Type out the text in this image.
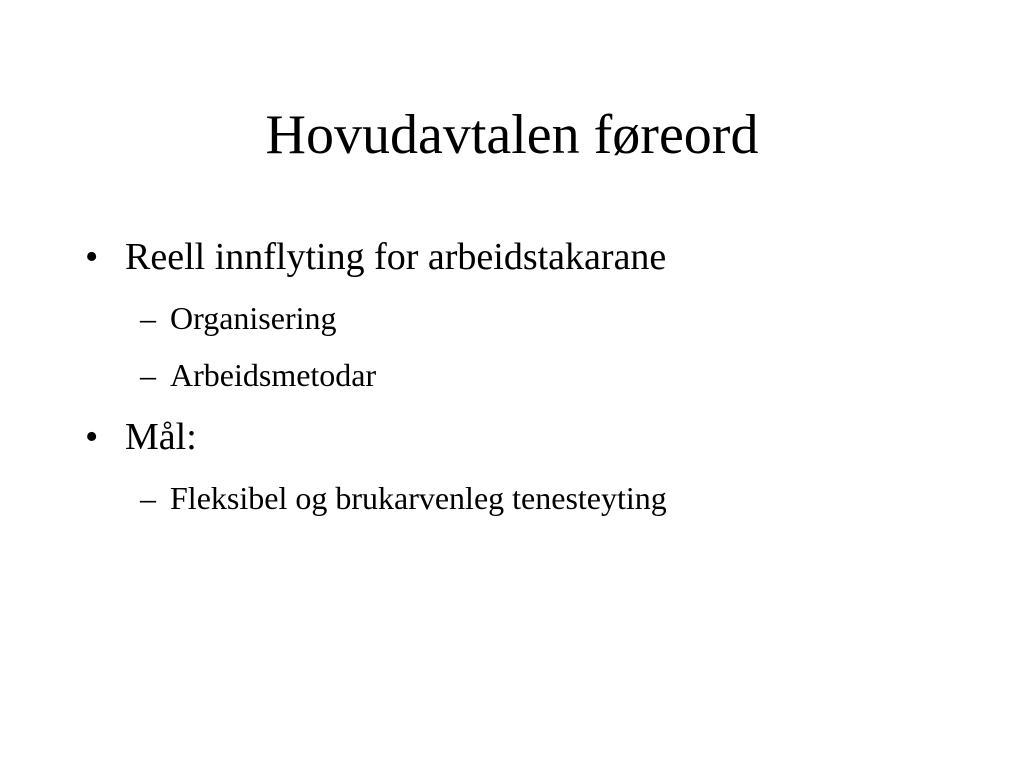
Hovudavtalen føreord
• Reell innflyting for arbeidstakarane
– Organisering
– Arbeidsmetodar
• Mål:
– Fleksibel og brukarvenleg tenesteyting
